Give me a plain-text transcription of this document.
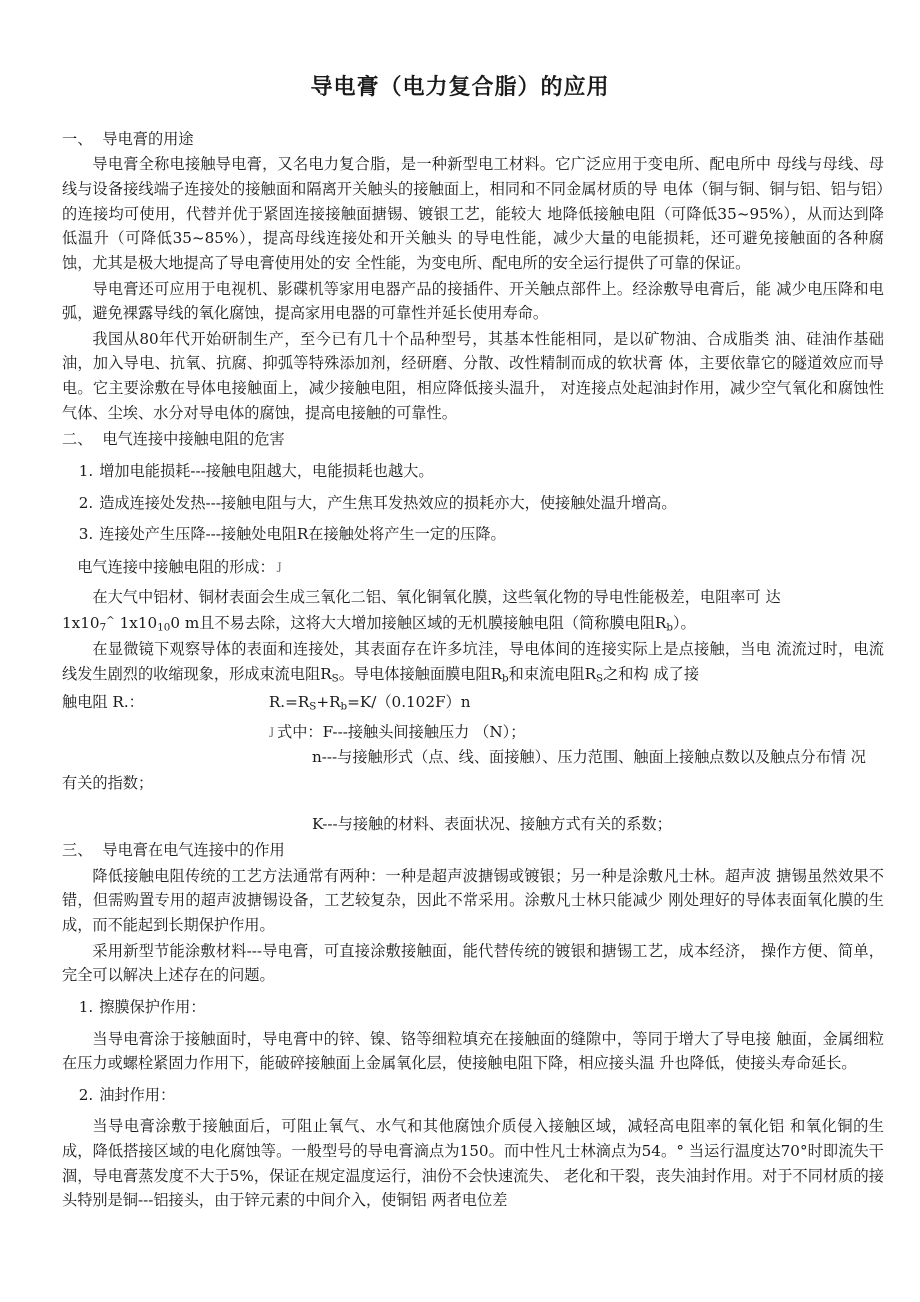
导电膏（电力复合脂）的应用

一、 导电膏的用途

导电膏全称电接触导电膏，又名电力复合脂，是一种新型电工材料。它广泛应用于变电所、配电所中 母线与母线、母线与设备接线端子连接处的接触面和隔离开关触头的接触面上，相同和不同金属材质的导 电体（铜与铜、铜与铝、铝与铝）的连接均可使用，代替并优于紧固连接接触面搪锡、镀银工艺，能较大 地降低接触电阻（可降低35~95%），从而达到降低温升（可降低35~85%），提高母线连接处和开关触头 的导电性能，减少大量的电能损耗，还可避免接触面的各种腐蚀，尤其是极大地提高了导电膏使用处的安 全性能，为变电所、配电所的安全运行提供了可靠的保证。

导电膏还可应用于电视机、影碟机等家用电器产品的接插件、开关触点部件上。经涂敷导电膏后，能 减少电压降和电弧，避免裸露导线的氧化腐蚀，提高家用电器的可靠性并延长使用寿命。

我国从80年代开始研制生产，至今已有几十个品种型号，其基本性能相同，是以矿物油、合成脂类 油、硅油作基础油，加入导电、抗氧、抗腐、抑弧等特殊添加剂，经研磨、分散、改性精制而成的软状膏 体，主要依靠它的隧道效应而导电。它主要涂敷在导体电接触面上，减少接触电阻，相应降低接头温升， 对连接点处起油封作用，减少空气氧化和腐蚀性气体、尘埃、水分对导电体的腐蚀，提高电接触的可靠性。

二、 电气连接中接触电阻的危害

1. 增加电能损耗---接触电阻越大，电能损耗也越大。

2. 造成连接处发热---接触电阻与大，产生焦耳发热效应的损耗亦大，使接触处温升增高。

3. 连接处产生压降---接触处电阻R在接触处将产生一定的压降。

电气连接中接触电阻的形成： J

在大气中铝材、铜材表面会生成三氧化二铝、氧化铜氧化膜，这些氧化物的导电性能极差，电阻率可 达

$1x10_7^{\^{}}$ $1x10_{10}0$ m且不易去除，这将大大增加接触区域的无机膜接触电阻（简称膜电阻$R_b$）。

在显微镜下观察导体的表面和连接处，其表面存在许多坑洼，导电体间的连接实际上是点接触，当电 流流过时，电流线发生剧烈的收缩现象，形成束流电阻$R_S$。导电体接触面膜电阻$R_b$和束流电阻$R_S$之和构 成了接

触电阻 R.：	$R.=R_S+R_b=K/(0.102F)n$

J 式中：F---接触头间接触压力 （N）；

n---与接触形式（点、线、面接触）、压力范围、触面上接触点数以及触点分布情 况

有关的指数；

K---与接触的材料、表面状况、接触方式有关的系数；

三、 导电膏在电气连接中的作用

降低接触电阻传统的工艺方法通常有两种：一种是超声波搪锡或镀银；另一种是涂敷凡士林。超声波 搪锡虽然效果不错，但需购置专用的超声波搪锡设备，工艺较复杂，因此不常采用。涂敷凡士林只能减少 刚处理好的导体表面氧化膜的生成，而不能起到长期保护作用。

采用新型节能涂敷材料---导电膏，可直接涂敷接触面，能代替传统的镀银和搪锡工艺，成本经济， 操作方便、简单，完全可以解决上述存在的问题。

1. 擦膜保护作用：

当导电膏涂于接触面时，导电膏中的锌、镍、铬等细粒填充在接触面的缝隙中，等同于增大了导电接 触面，金属细粒在压力或螺栓紧固力作用下，能破碎接触面上金属氧化层，使接触电阻下降，相应接头温 升也降低，使接头寿命延长。

2. 油封作用：

当导电膏涂敷于接触面后，可阻止氧气、水气和其他腐蚀介质侵入接触区域，减轻高电阻率的氧化铝 和氧化铜的生成，降低搭接区域的电化腐蚀等。一般型号的导电膏滴点为150。而中性凡士林滴点为54。° 当运行温度达70°时即流失干涸，导电膏蒸发度不大于5%，保证在规定温度运行，油份不会快速流失、 老化和干裂，丧失油封作用。对于不同材质的接头特别是铜---铝接头，由于锌元素的中间介入，使铜铝 两者电位差
